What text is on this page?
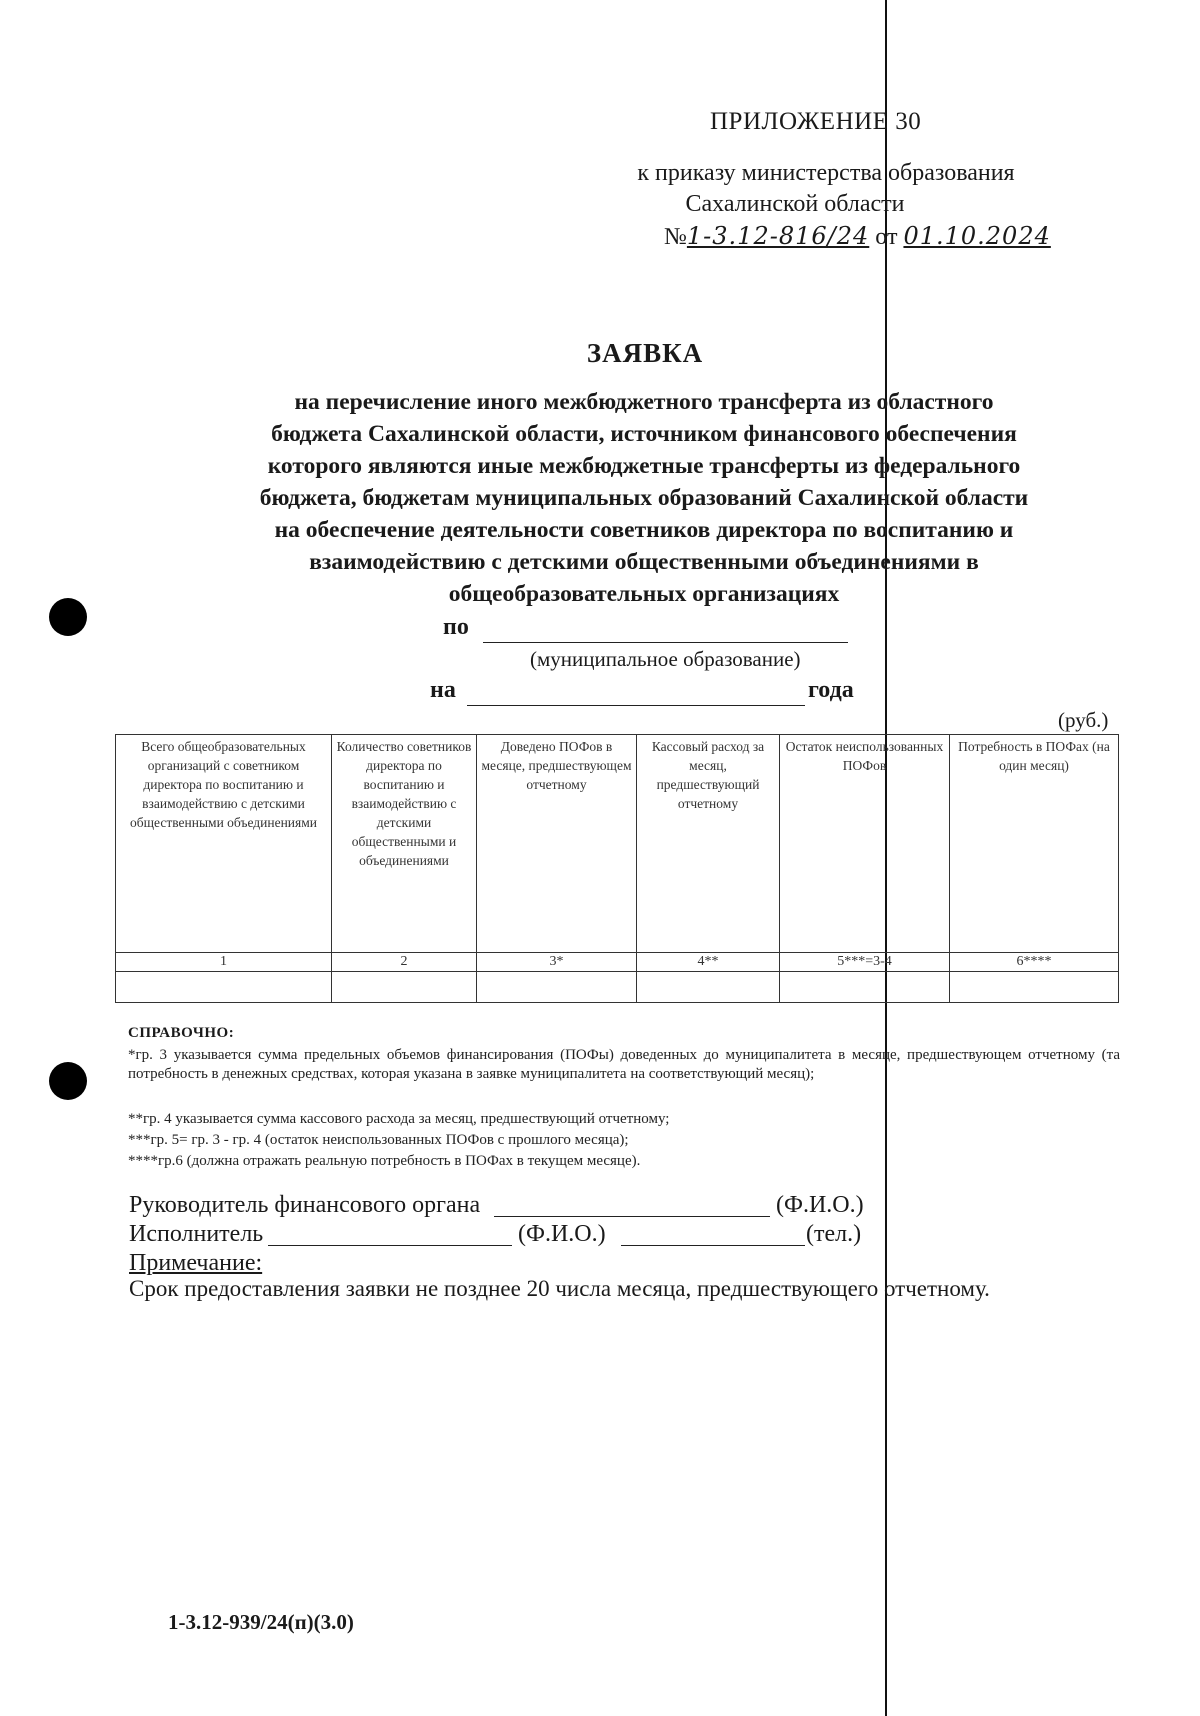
ПРИЛОЖЕНИЕ 30
к приказу министерства образования
Сахалинской области
№1-3.12-816/24 от 01.10.2024
ЗАЯВКА
на перечисление иного межбюджетного трансферта из областного
бюджета Сахалинской области, источником финансового обеспечения
которого являются иные межбюджетные трансферты из федерального
бюджета, бюджетам муниципальных образований Сахалинской области
на обеспечение деятельности советников директора по воспитанию и
взаимодействию с детскими общественными объединениями в
общеобразовательных организациях
по
(муниципальное образование)
на	года
(руб.)
Всего общеобразовательных организаций с советником директора по воспитанию и взаимодействию с детскими общественными объединениями	Количество советников директора по воспитанию и взаимодействию с детскими общественными и объединениями	Доведено ПОФов в месяце, предшествующем отчетному	Кассовый расход за месяц, предшествующий отчетному	Остаток неиспользованных ПОФов	Потребность в ПОФах (на один месяц)
1	2	3*	4**	5***=3-4	6****

СПРАВОЧНО:
*гр. 3 указывается сумма предельных объемов финансирования (ПОФы) доведенных до муниципалитета в месяце, предшествующем отчетному (та потребность в денежных средствах, которая указана в заявке муниципалитета на соответствующий месяц);
**гр. 4 указывается сумма кассового расхода за месяц, предшествующий отчетному;
***гр. 5= гр. 3 - гр. 4 (остаток неиспользованных ПОФов с прошлого месяца);
****гр.6 (должна отражать реальную потребность в ПОФах в текущем месяце).
Руководитель финансового органа	(Ф.И.О.)
Исполнитель	(Ф.И.О.)	(тел.)
Примечание:
Срок предоставления заявки не позднее 20 числа месяца, предшествующего отчетному.
1-3.12-939/24(п)(3.0)
